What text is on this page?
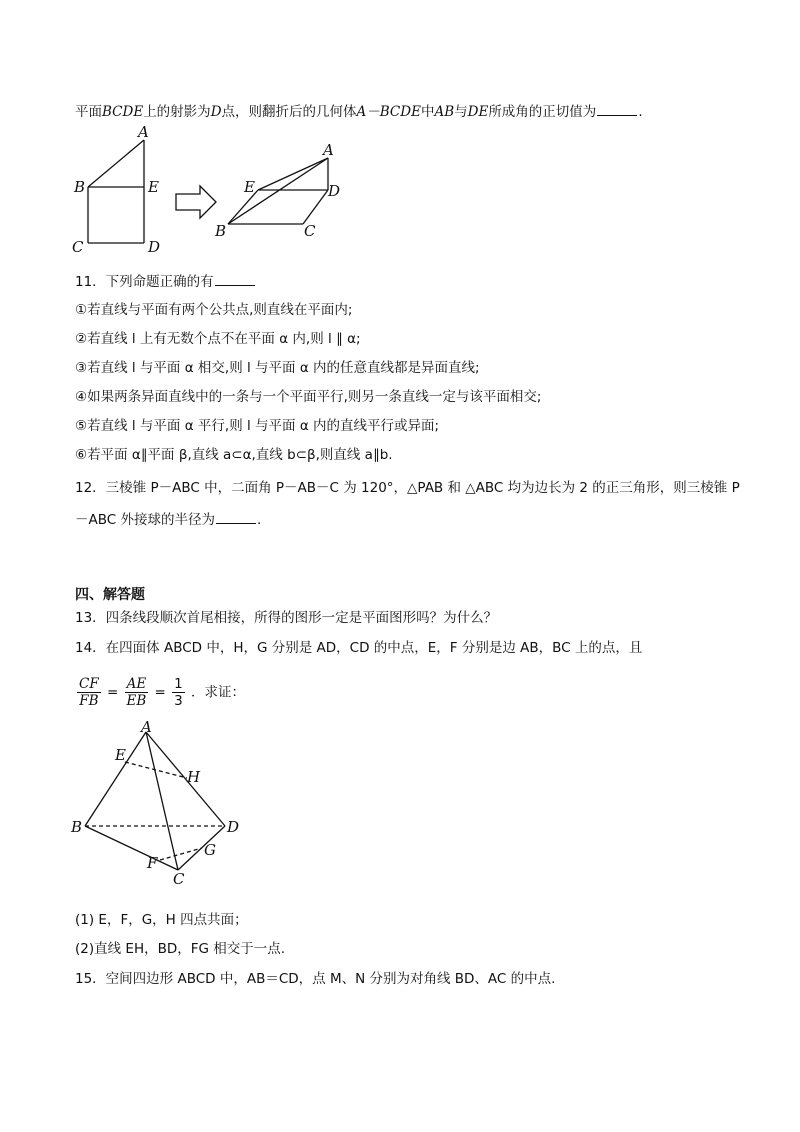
平面BCDE上的射影为D点，则翻折后的几何体A－BCDE中AB与DE所成角的正切值为	.
A
B	E
C	D
A
E	D
B	C
11．下列命题正确的有
①若直线与平面有两个公共点,则直线在平面内;
②若直线 l 上有无数个点不在平面 α 内,则 l ∥ α;
③若直线 l 与平面 α 相交,则 l 与平面 α 内的任意直线都是异面直线;
④如果两条异面直线中的一条与一个平面平行,则另一条直线一定与该平面相交;
⑤若直线 l 与平面 α 平行,则 l 与平面 α 内的直线平行或异面;
⑥若平面 α∥平面 β,直线 a⊂α,直线 b⊂β,则直线 a∥b.
12．三棱锥 P－ABC 中，二面角 P－AB－C 为 120°，△PAB 和 △ABC 均为边长为 2 的正三角形，则三棱锥 P
－ABC 外接球的半径为	.
四、解答题
13．四条线段顺次首尾相接，所得的图形一定是平面图形吗？为什么？
14．在四面体 ABCD 中，H，G 分别是 AD，CD 的中点，E，F 分别是边 AB，BC 上的点，且
$\frac{CF}{FB} = \frac{AE}{EB} = \frac{1}{3}$ ．求证：
A
E
H
B	D
F
G
C
(1) E，F，G，H 四点共面；
(2)直线 EH，BD，FG 相交于一点.
15．空间四边形 ABCD 中，AB＝CD，点 M、N 分别为对角线 BD、AC 的中点.
